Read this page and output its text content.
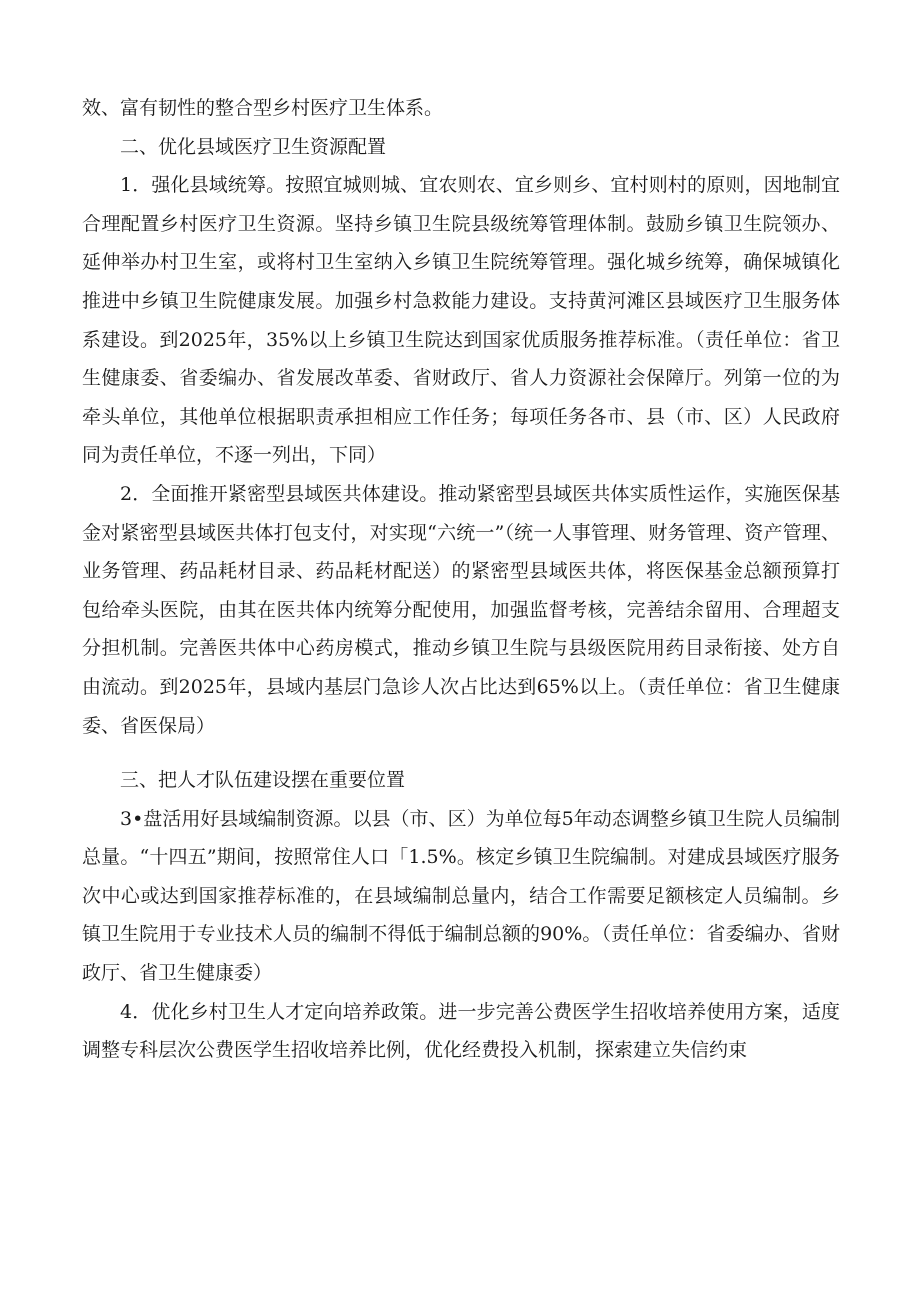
效、富有韧性的整合型乡村医疗卫生体系。

二、优化县域医疗卫生资源配置

1．强化县域统筹。按照宜城则城、宜农则农、宜乡则乡、宜村则村的原则，因地制宜合理配置乡村医疗卫生资源。坚持乡镇卫生院县级统筹管理体制。鼓励乡镇卫生院领办、延伸举办村卫生室，或将村卫生室纳入乡镇卫生院统筹管理。强化城乡统筹，确保城镇化推进中乡镇卫生院健康发展。加强乡村急救能力建设。支持黄河滩区县域医疗卫生服务体系建设。到2025年，35%以上乡镇卫生院达到国家优质服务推荐标准。（责任单位：省卫生健康委、省委编办、省发展改革委、省财政厅、省人力资源社会保障厅。列第一位的为牵头单位，其他单位根据职责承担相应工作任务；每项任务各市、县（市、区）人民政府同为责任单位，不逐一列出，下同）

2．全面推开紧密型县域医共体建设。推动紧密型县域医共体实质性运作，实施医保基金对紧密型县域医共体打包支付，对实现“六统一”（统一人事管理、财务管理、资产管理、业务管理、药品耗材目录、药品耗材配送）的紧密型县域医共体，将医保基金总额预算打包给牵头医院，由其在医共体内统筹分配使用，加强监督考核，完善结余留用、合理超支分担机制。完善医共体中心药房模式，推动乡镇卫生院与县级医院用药目录衔接、处方自由流动。到2025年，县域内基层门急诊人次占比达到65%以上。（责任单位：省卫生健康委、省医保局）

三、把人才队伍建设摆在重要位置

3•盘活用好县域编制资源。以县（市、区）为单位每5年动态调整乡镇卫生院人员编制总量。“十四五”期间，按照常住人口「1.5%。核定乡镇卫生院编制。对建成县域医疗服务次中心或达到国家推荐标准的，在县域编制总量内，结合工作需要足额核定人员编制。乡镇卫生院用于专业技术人员的编制不得低于编制总额的90%。（责任单位：省委编办、省财政厅、省卫生健康委）

4．优化乡村卫生人才定向培养政策。进一步完善公费医学生招收培养使用方案，适度调整专科层次公费医学生招收培养比例，优化经费投入机制，探索建立失信约束
